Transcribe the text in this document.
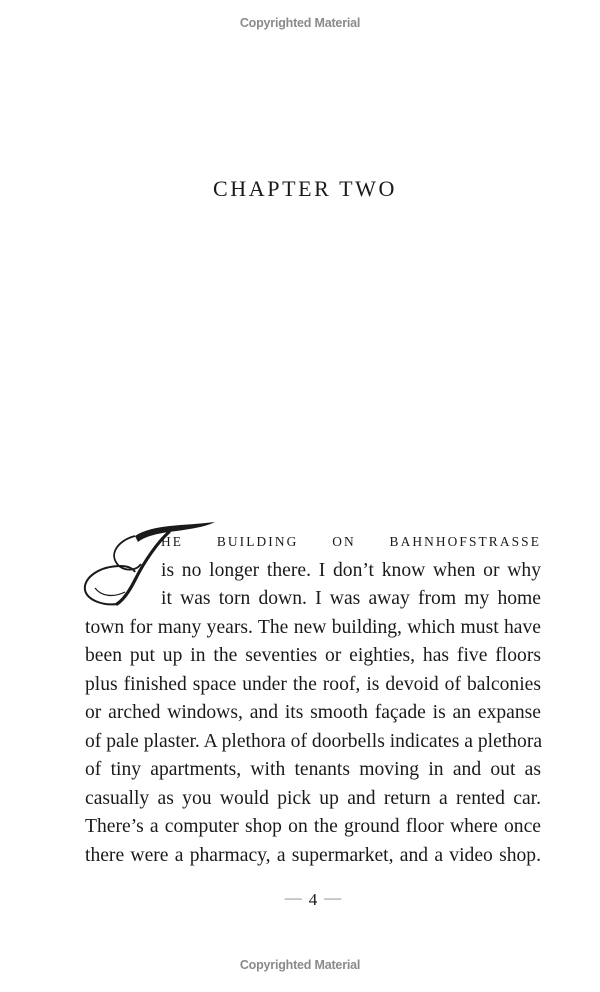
Copyrighted Material
CHAPTER TWO
HE BUILDING ON BAHNHOFSTRASSE
is no longer there. I don’t know when or why
it was torn down. I was away from my home
town for many years. The new building, which must have
been put up in the seventies or eighties, has five floors
plus finished space under the roof, is devoid of balconies
or arched windows, and its smooth façade is an expanse
of pale plaster. A plethora of doorbells indicates a plethora
of tiny apartments, with tenants moving in and out as
casually as you would pick up and return a rented car.
There’s a computer shop on the ground floor where once
there were a pharmacy, a supermarket, and a video shop.
— 4 —
Copyrighted Material
